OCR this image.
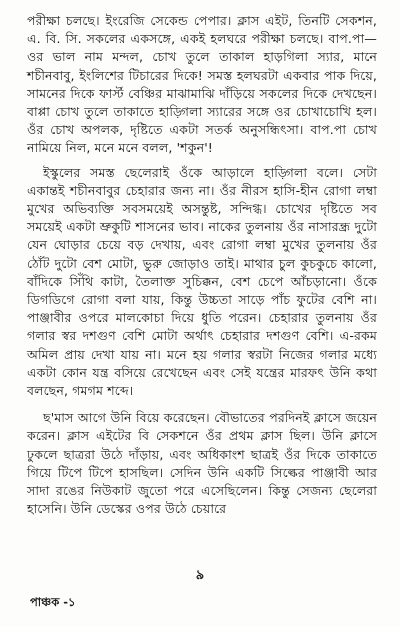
পরীক্ষা চলছে। ইংরেজি সেকেন্ড পেপার। ক্লাস এইট, তিনটি সেকশন, এ. বি. সি. সকলের একসঙ্গে, একই হলঘরে পরীক্ষা চলছে। বাপ.পা—ওর ভাল নাম মন্দল, চোখ তুলে তাকাল হাড়গিলা স্যার, মানে শচীনবাবু, ইংলিশের টিচারের দিকে! সমস্ত হলঘরটা একবার পাক দিয়ে, সামনের দিকে ফার্স্ট বেঞ্চির মাঝামাঝি দাঁড়িয়ে সকলের দিকে দেখছেন। বাপ্পা চোখ তুলে তাকাতে হাড়্গিলা স্যারের সঙ্গে ওর চোখাচোখি হল। ওঁর চোখ অপলক, দৃষ্টিতে একটা সতর্ক অনুসন্ধিৎসা। বাপ.পা চোখ নামিয়ে নিল, মনে মনে বলল, 'শকুন'!

ইস্কুলের সমস্ত ছেলেরাই ওঁকে আড়ালে হাড়্গিলা বলে। সেটা একান্তই শচীনবাবুর চেহারার জন্য না। ওঁর নীরস হাসি-হীন রোগা লম্বা মুখের অভিব্যক্তি সবসময়েই অসন্তুষ্ট, সন্দিগ্ধ। চোখের দৃষ্টিতে সব সময়েই একটা ভ্রুকুটি শাসনের ভাব। নাকের তুলনায় ওঁর নাসারন্ধ্র দুটো যেন ঘোড়ার চেয়ে বড় দেখায়, এবং রোগা লম্বা মুখের তুলনায় ওঁর ঠোঁট দুটো বেশ মোটা, ভুরু জোড়াও তাই। মাথার চুল কুচকুচে কালো, বাঁদিকে সিঁথি কাটা, তৈলাক্ত সুচিক্কন, বেশ চেপে আঁচড়ানো। ওঁকে ডিগডিগে রোগা বলা যায়, কিন্তু উচ্চতা সাড়ে পাঁচ ফুটের বেশি না। পাঞ্জাবীর ওপরে মালকোচা দিয়ে ধুতি পরেন। চেহারার তুলনায় ওঁর গলার স্বর দশগুণ বেশি মোটা অর্থাৎ চেহারার দশগুণ বেশি। এ-রকম অমিল প্রায় দেখা যায় না। মনে হয় গলার স্বরটা নিজের গলার মধ্যে একটা কোন যন্ত্র বসিয়ে রেখেছেন এবং সেই যন্ত্রের মারফৎ উনি কথা বলছেন, গমগম শব্দে।

ছ'মাস আগে উনি বিয়ে করেছেন। বৌভাতের পরদিনই ক্লাসে জয়েন করেন। ক্লাস এইটের বি সেকশনে ওঁর প্রথম ক্লাস ছিল। উনি ক্লাসে ঢুকলে ছাত্ররা উঠে দাঁড়ায়, এবং অধিকাংশ ছাত্রই ওঁর দিকে তাকাতে গিয়ে টিপে টিপে হাসছিল। সেদিন উনি একটি সিল্কের পাঞ্জাবী আর সাদা রঙের নিউকাট জুতো পরে এসেছিলেন। কিন্তু সেজন্য ছেলেরা হাসেনি। উনি ডেস্কের ওপর উঠে চেয়ারে

৯
পাঞ্চক -১
